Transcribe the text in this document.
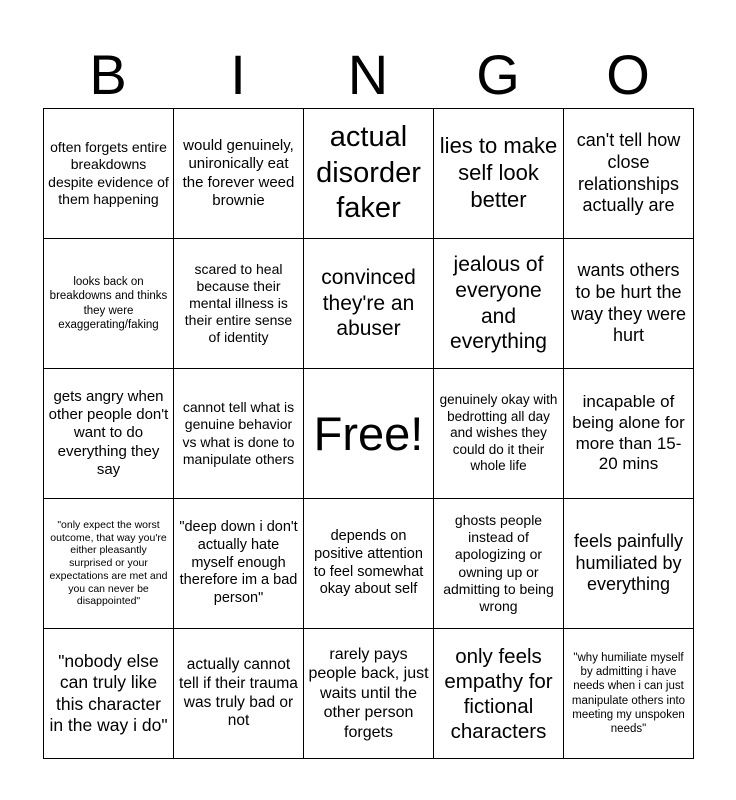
B	I	N	G	O
often forgets entire breakdowns despite evidence of them happening	would genuinely, unironically eat the forever weed brownie	actual disorder faker	lies to make self look better	can't tell how close relationships actually are

looks back on breakdowns and thinks they were exaggerating/faking	scared to heal because their mental illness is their entire sense of identity	convinced they're an abuser	jealous of everyone and everything	wants others to be hurt the way they were hurt

gets angry when other people don't want to do everything they say	cannot tell what is genuine behavior vs what is done to manipulate others	Free!	genuinely okay with bedrotting all day and wishes they could do it their whole life	incapable of being alone for more than 15-20 mins

"only expect the worst outcome, that way you're either pleasantly surprised or your expectations are met and you can never be disappointed"	"deep down i don't actually hate myself enough therefore im a bad person"	depends on positive attention to feel somewhat okay about self	ghosts people instead of apologizing or owning up or admitting to being wrong	feels painfully humiliated by everything

"nobody else can truly like this character in the way i do"	actually cannot tell if their trauma was truly bad or not	rarely pays people back, just waits until the other person forgets	only feels empathy for fictional characters	"why humiliate myself by admitting i have needs when i can just manipulate others into meeting my unspoken needs"
